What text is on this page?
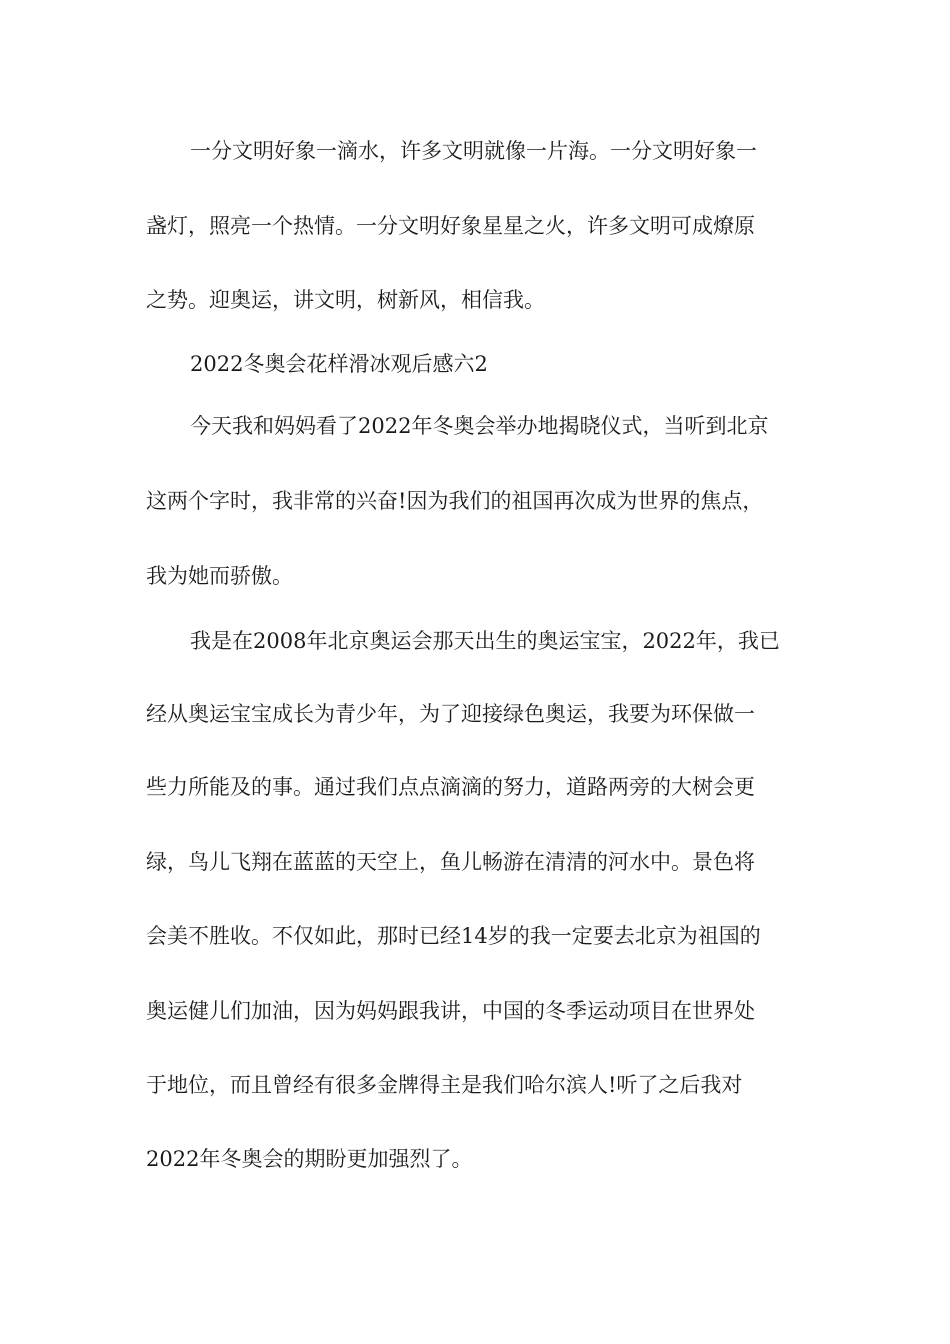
一分文明好象一滴水，许多文明就像一片海。一分文明好象一
盏灯，照亮一个热情。一分文明好象星星之火，许多文明可成燎原
之势。迎奥运，讲文明，树新风，相信我。
2022冬奥会花样滑冰观后感六2
今天我和妈妈看了2022年冬奥会举办地揭晓仪式，当听到北京
这两个字时，我非常的兴奋!因为我们的祖国再次成为世界的焦点，
我为她而骄傲。
我是在2008年北京奥运会那天出生的奥运宝宝，2022年，我已
经从奥运宝宝成长为青少年，为了迎接绿色奥运，我要为环保做一
些力所能及的事。通过我们点点滴滴的努力，道路两旁的大树会更
绿，鸟儿飞翔在蓝蓝的天空上，鱼儿畅游在清清的河水中。景色将
会美不胜收。不仅如此，那时已经14岁的我一定要去北京为祖国的
奥运健儿们加油，因为妈妈跟我讲，中国的冬季运动项目在世界处
于地位，而且曾经有很多金牌得主是我们哈尔滨人!听了之后我对
2022年冬奥会的期盼更加强烈了。
